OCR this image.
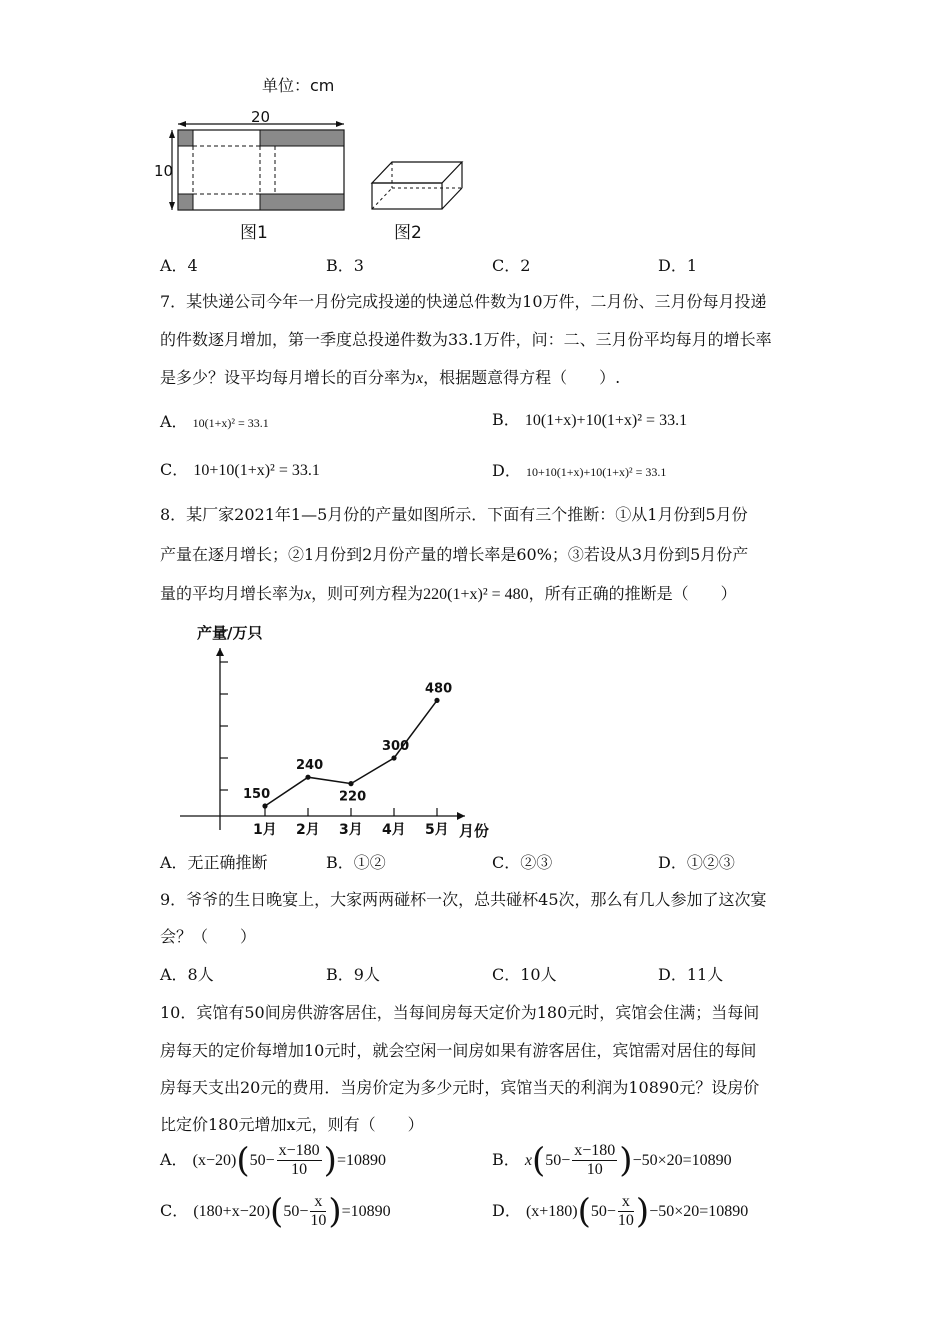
单位：cm
20
10
图1	图2
A．4	B．3	C．2	D．1
7．某快递公司今年一月份完成投递的快递总件数为10万件，二月份、三月份每月投递
的件数逐月增加，第一季度总投递件数为33.1万件，问：二、三月份平均每月的增长率
是多少？设平均每月增长的百分率为x，根据题意得方程（　　）.
A． 10(1+x)² = 33.1	B． 10(1+x)+10(1+x)² = 33.1
C． 10+10(1+x)² = 33.1	D． 10+10(1+x)+10(1+x)² = 33.1
8．某厂家2021年1—5月份的产量如图所示．下面有三个推断：①从1月份到5月份
产量在逐月增长；②1月份到2月份产量的增长率是60%；③若设从3月份到5月份产
量的平均月增长率为x，则可列方程为220(1+x)² = 480，所有正确的推断是（　　）
产量/万只
月份
1月 2月 3月 4月 5月
150
240
220
300
480
A．无正确推断	B．①②	C．②③	D．①②③
9．爷爷的生日晚宴上，大家两两碰杯一次，总共碰杯45次，那么有几人参加了这次宴
会？（　　）
A．8人	B．9人	C．10人	D．11人
10．宾馆有50间房供游客居住，当每间房每天定价为180元时，宾馆会住满；当每间
房每天的定价每增加10元时，就会空闲一间房如果有游客居住，宾馆需对居住的每间
房每天支出20元的费用．当房价定为多少元时，宾馆当天的利润为10890元？设房价
比定价180元增加x元，则有（　　）
A． $(x-20)(50- \frac{x-180}{10} )=10890$	B． $x(50- \frac{x-180}{10} )-50\times 20=10890$
C． $(180+x-20)(50- \frac{x}{10} )=10890$	D． $(x+180)(50- \frac{x}{10} )-50\times 20=10890$
